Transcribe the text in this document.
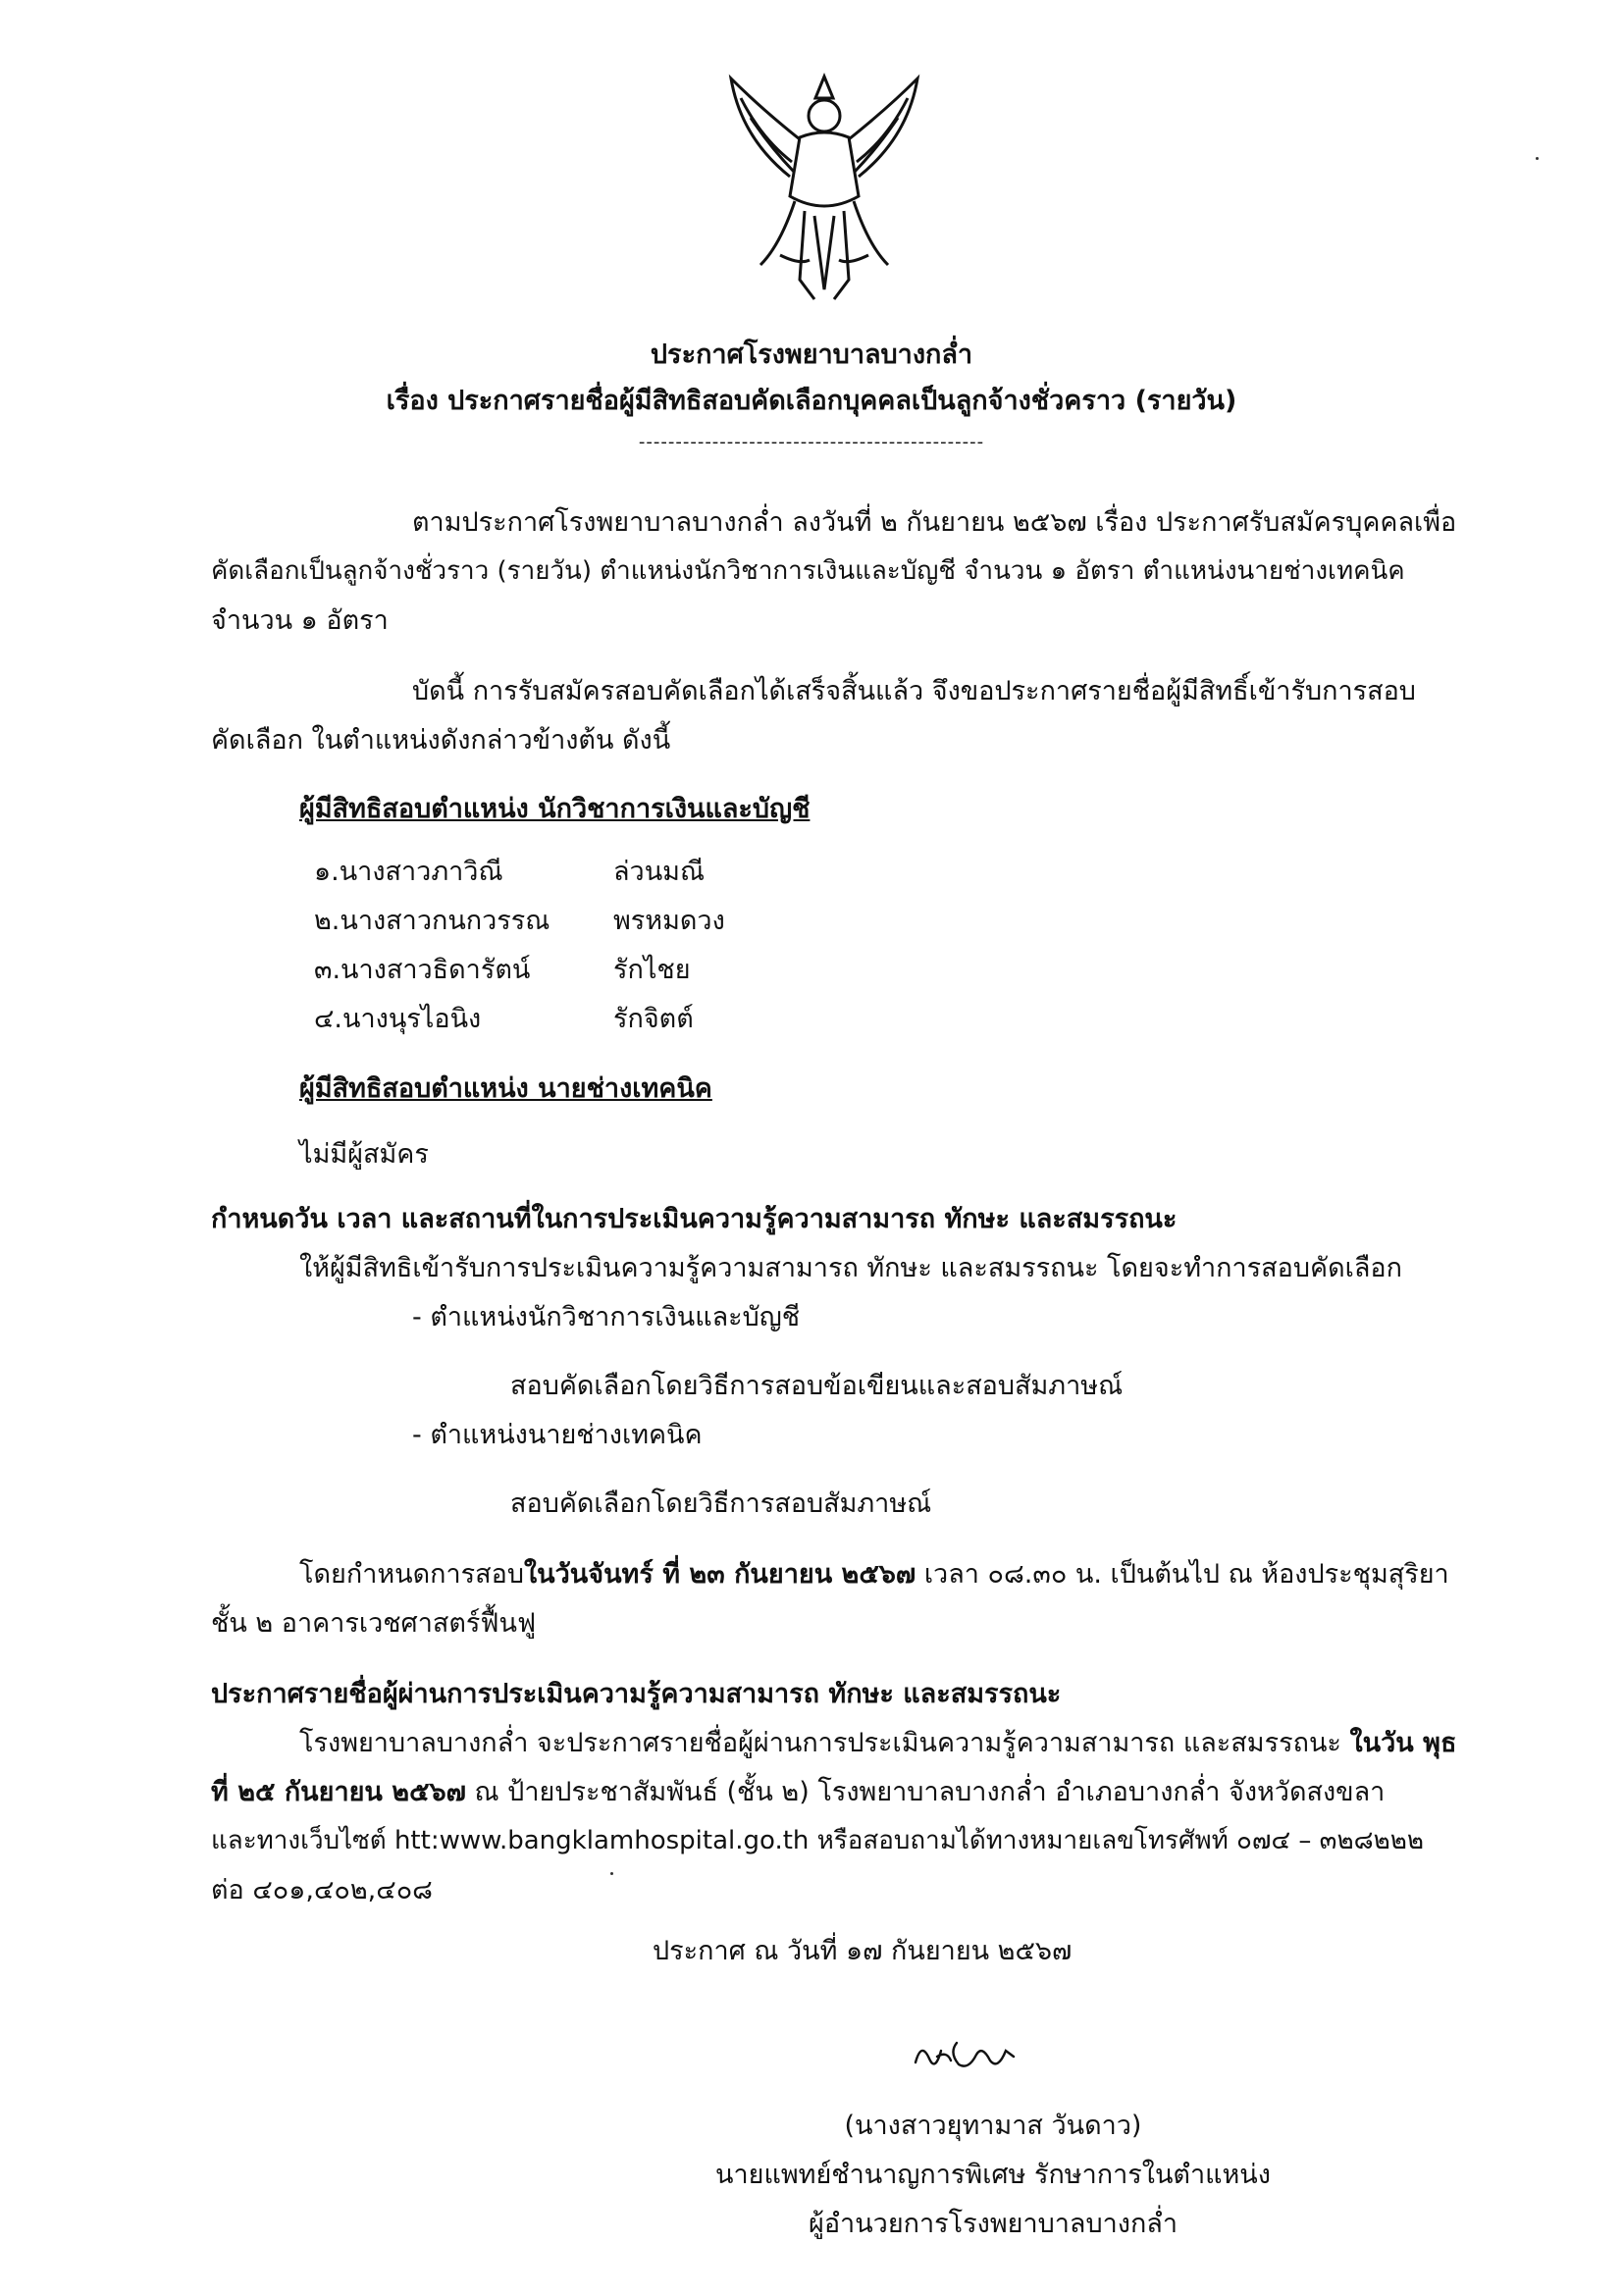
ประกาศโรงพยาบาลบางกล่ำ
เรื่อง ประกาศรายชื่อผู้มีสิทธิสอบคัดเลือกบุคคลเป็นลูกจ้างชั่วคราว (รายวัน)
-----------------------------------------------
ตามประกาศโรงพยาบาลบางกล่ำ ลงวันที่ ๒ กันยายน ๒๕๖๗ เรื่อง ประกาศรับสมัครบุคคลเพื่อ
คัดเลือกเป็นลูกจ้างชั่วราว (รายวัน) ตำแหน่งนักวิชาการเงินและบัญชี จำนวน ๑ อัตรา ตำแหน่งนายช่างเทคนิค
จำนวน ๑ อัตรา
บัดนี้ การรับสมัครสอบคัดเลือกได้เสร็จสิ้นแล้ว จึงขอประกาศรายชื่อผู้มีสิทธิ์เข้ารับการสอบ
คัดเลือก ในตำแหน่งดังกล่าวข้างต้น ดังนี้
ผู้มีสิทธิสอบตำแหน่ง นักวิชาการเงินและบัญชี
๑.นางสาวภาวิณี	ล่วนมณี
๒.นางสาวกนกวรรณ พรหมดวง
๓.นางสาวธิดารัตน์	รักไชย
๔.นางนุรไอนิง	รักจิตต์
ผู้มีสิทธิสอบตำแหน่ง นายช่างเทคนิค
ไม่มีผู้สมัคร
กำหนดวัน เวลา และสถานที่ในการประเมินความรู้ความสามารถ ทักษะ และสมรรถนะ
ให้ผู้มีสิทธิเข้ารับการประเมินความรู้ความสามารถ ทักษะ และสมรรถนะ โดยจะทำการสอบคัดเลือก
- ตำแหน่งนักวิชาการเงินและบัญชี
สอบคัดเลือกโดยวิธีการสอบข้อเขียนและสอบสัมภาษณ์
- ตำแหน่งนายช่างเทคนิค
สอบคัดเลือกโดยวิธีการสอบสัมภาษณ์
โดยกำหนดการสอบในวันจันทร์ ที่ ๒๓ กันยายน ๒๕๖๗ เวลา ๐๘.๓๐ น. เป็นต้นไป ณ ห้องประชุมสุริยา
ชั้น ๒ อาคารเวชศาสตร์ฟื้นฟู
ประกาศรายชื่อผู้ผ่านการประเมินความรู้ความสามารถ ทักษะ และสมรรถนะ
โรงพยาบาลบางกล่ำ จะประกาศรายชื่อผู้ผ่านการประเมินความรู้ความสามารถ และสมรรถนะ ในวัน พุธ
ที่ ๒๕ กันยายน ๒๕๖๗ ณ ป้ายประชาสัมพันธ์ (ชั้น ๒) โรงพยาบาลบางกล่ำ อำเภอบางกล่ำ จังหวัดสงขลา
และทางเว็บไซต์ htt:www.bangklamhospital.go.th หรือสอบถามได้ทางหมายเลขโทรศัพท์ ๐๗๔ – ๓๒๘๒๒๒
ต่อ ๔๐๑,๔๐๒,๔๐๘
ประกาศ ณ วันที่ ๑๗ กันยายน ๒๕๖๗
(นางสาวยุทามาส วันดาว)
นายแพทย์ชำนาญการพิเศษ รักษาการในตำแหน่ง
ผู้อำนวยการโรงพยาบาลบางกล่ำ
